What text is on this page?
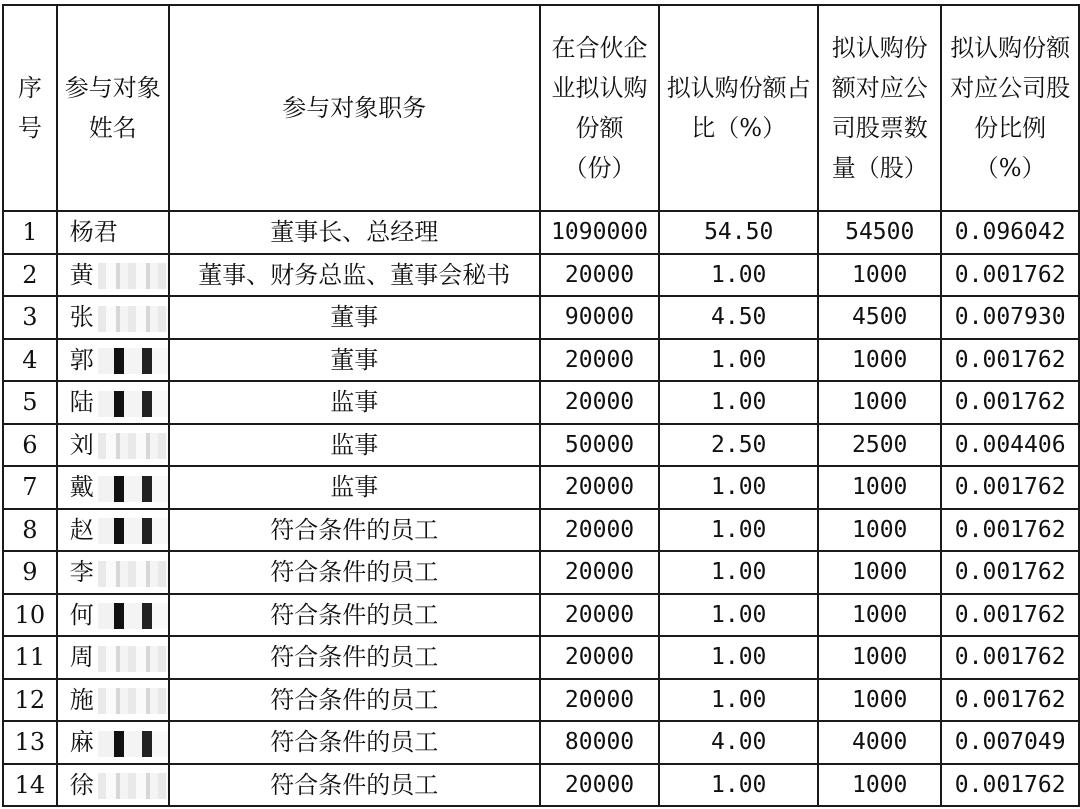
序号	参与对象姓名	参与对象职务	在合伙企业拟认购份额（份）	拟认购份额占比（%）	拟认购份额对应公司股票数量（股）	拟认购份额对应公司股份比例（%）
1	杨君	董事长、总经理	1090000	54.50	54500	0.096042
2	黄	董事、财务总监、董事会秘书	20000	1.00	1000	0.001762
3	张	董事	90000	4.50	4500	0.007930
4	郭	董事	20000	1.00	1000	0.001762
5	陆	监事	20000	1.00	1000	0.001762
6	刘	监事	50000	2.50	2500	0.004406
7	戴	监事	20000	1.00	1000	0.001762
8	赵	符合条件的员工	20000	1.00	1000	0.001762
9	李	符合条件的员工	20000	1.00	1000	0.001762
10	何	符合条件的员工	20000	1.00	1000	0.001762
11	周	符合条件的员工	20000	1.00	1000	0.001762
12	施	符合条件的员工	20000	1.00	1000	0.001762
13	麻	符合条件的员工	80000	4.00	4000	0.007049
14	徐	符合条件的员工	20000	1.00	1000	0.001762
